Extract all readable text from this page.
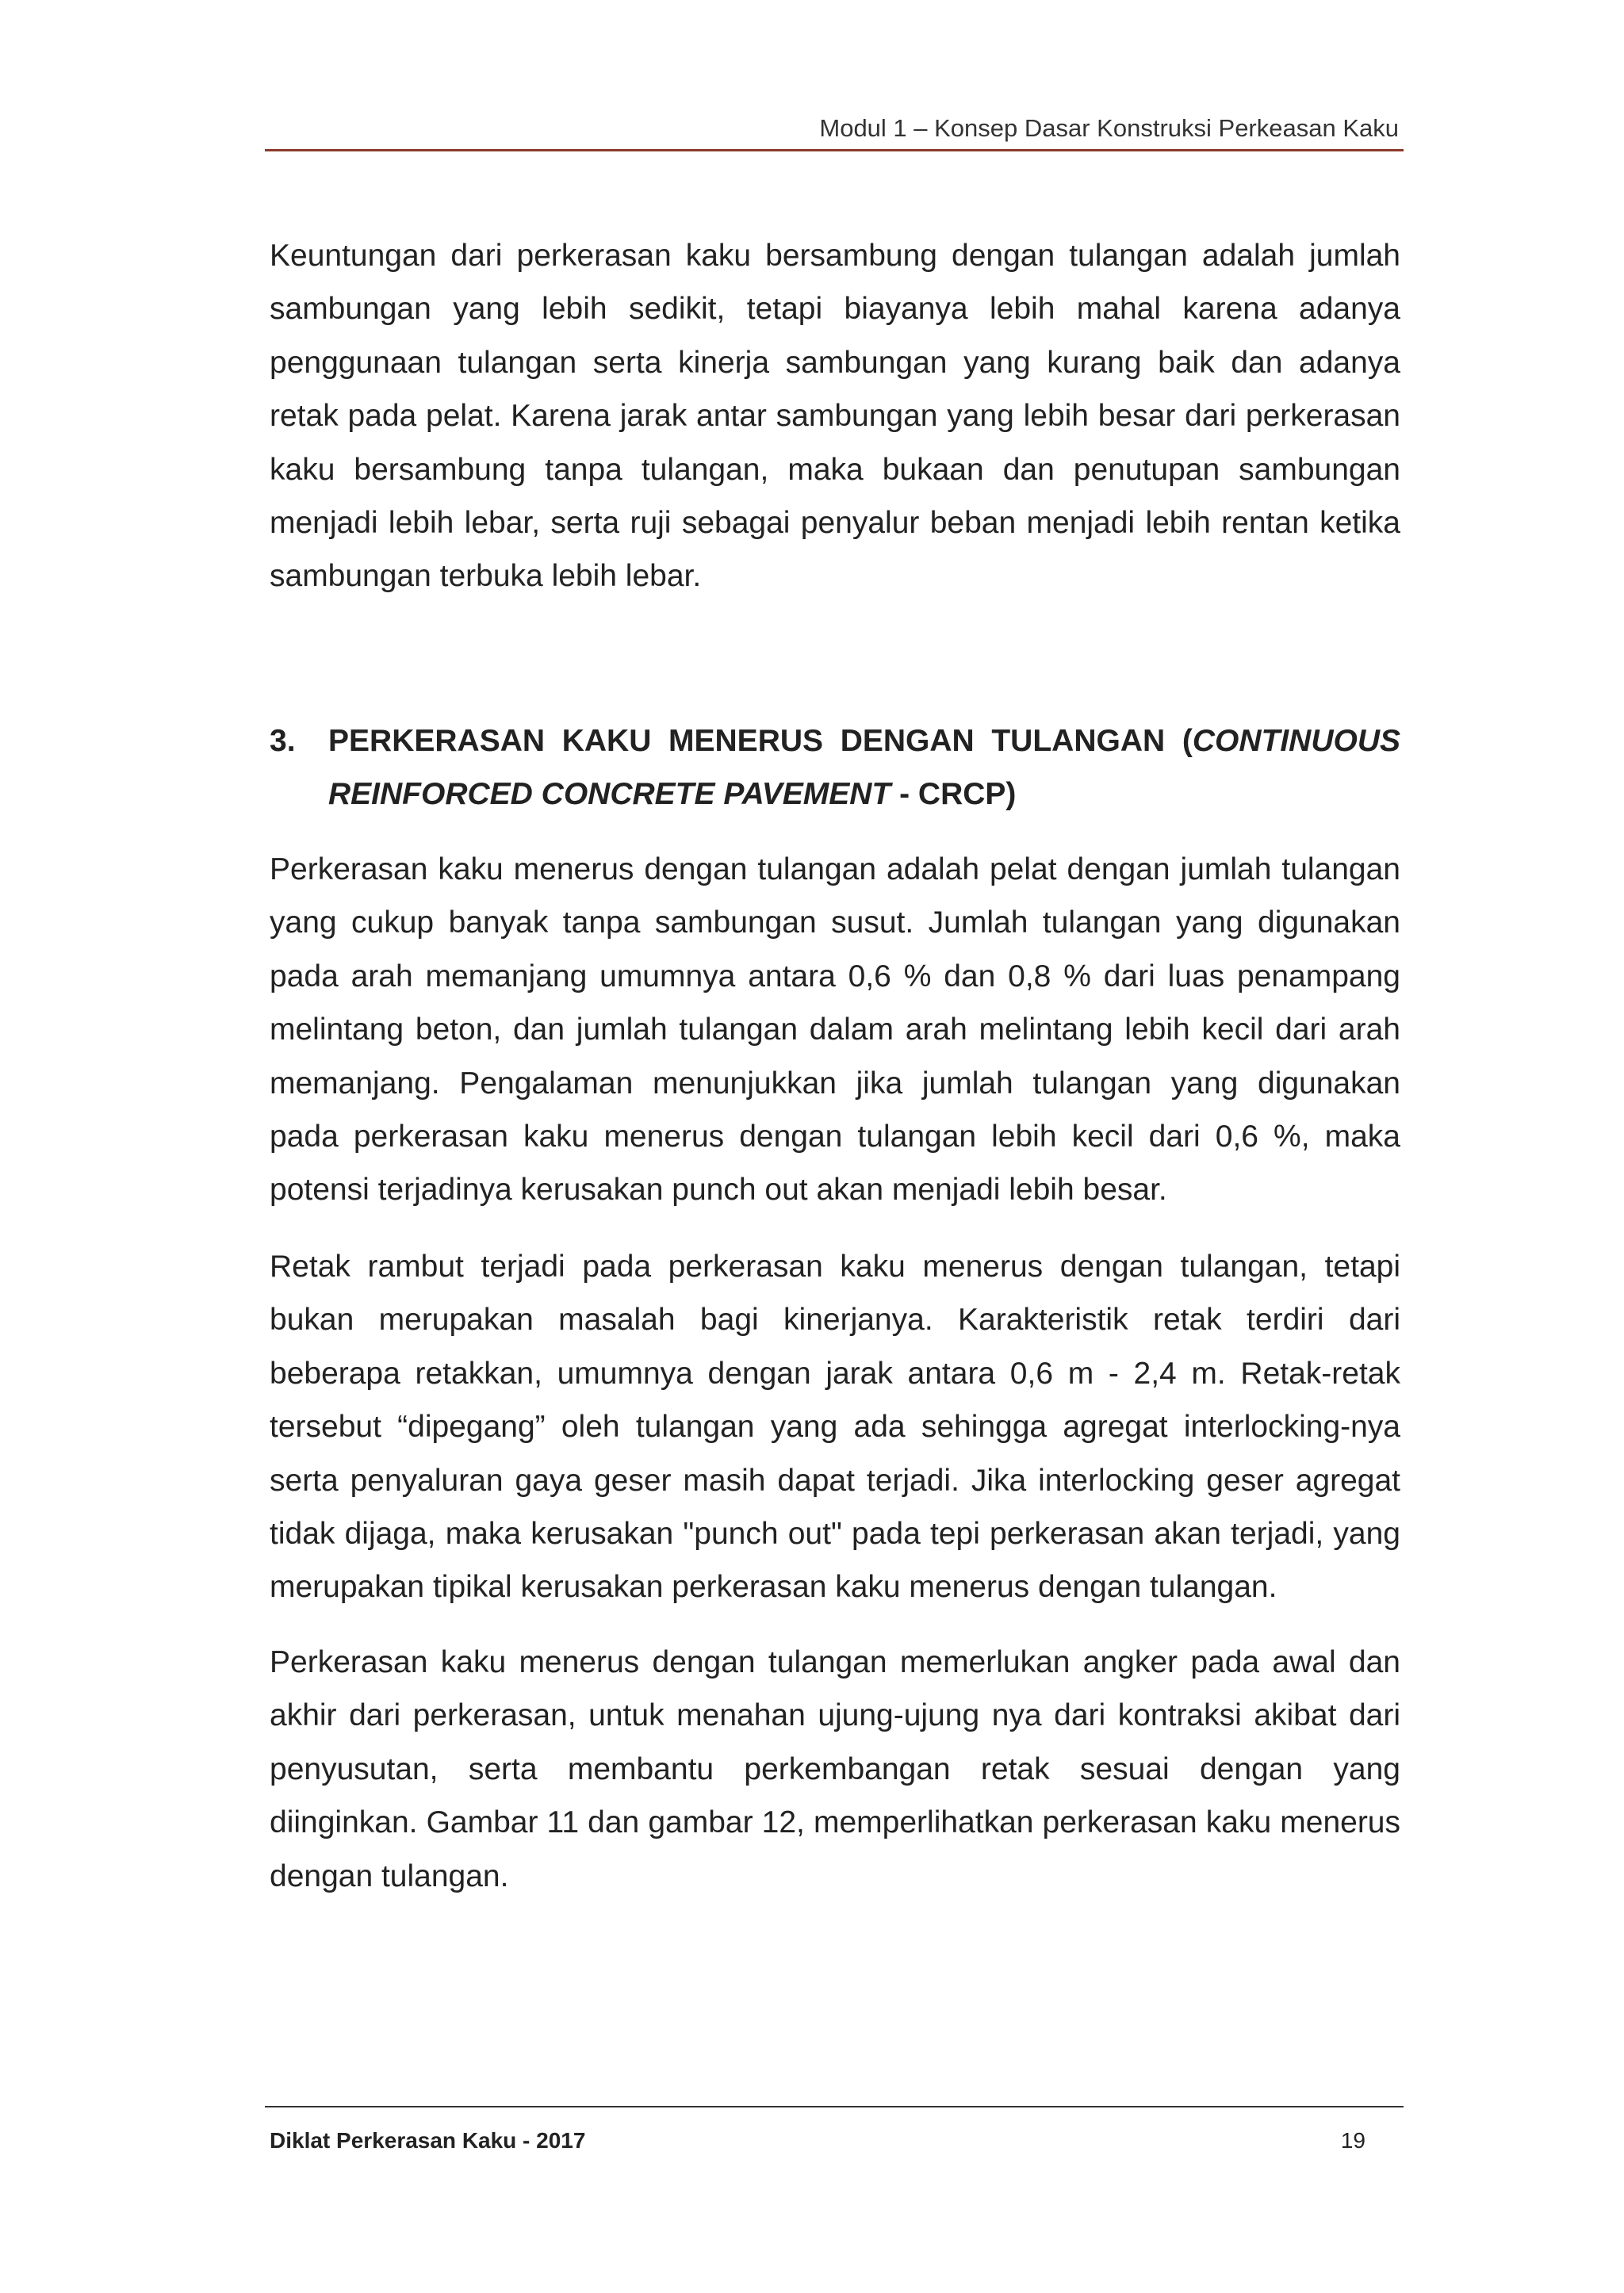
Modul 1 – Konsep Dasar Konstruksi Perkeasan Kaku

Keuntungan dari perkerasan kaku bersambung dengan tulangan adalah jumlah sambungan yang lebih sedikit, tetapi biayanya lebih mahal karena adanya penggunaan tulangan serta kinerja sambungan yang kurang baik dan adanya retak pada pelat. Karena jarak antar sambungan yang lebih besar dari perkerasan kaku bersambung tanpa tulangan, maka bukaan dan penutupan sambungan menjadi lebih lebar, serta ruji sebagai penyalur beban menjadi lebih rentan ketika sambungan terbuka lebih lebar.

3. PERKERASAN KAKU MENERUS DENGAN TULANGAN (CONTINUOUS REINFORCED CONCRETE PAVEMENT - CRCP)

Perkerasan kaku menerus dengan tulangan adalah pelat dengan jumlah tulangan yang cukup banyak tanpa sambungan susut. Jumlah tulangan yang digunakan pada arah memanjang umumnya antara 0,6 % dan 0,8 % dari luas penampang melintang beton, dan jumlah tulangan dalam arah melintang lebih kecil dari arah memanjang. Pengalaman menunjukkan jika jumlah tulangan yang digunakan pada perkerasan kaku menerus dengan tulangan lebih kecil dari 0,6 %, maka potensi terjadinya kerusakan punch out akan menjadi lebih besar.

Retak rambut terjadi pada perkerasan kaku menerus dengan tulangan, tetapi bukan merupakan masalah bagi kinerjanya. Karakteristik retak terdiri dari beberapa retakkan, umumnya dengan jarak antara 0,6 m - 2,4 m. Retak-retak tersebut “dipegang” oleh tulangan yang ada sehingga agregat interlocking-nya serta penyaluran gaya geser masih dapat terjadi. Jika interlocking geser agregat tidak dijaga, maka kerusakan "punch out" pada tepi perkerasan akan terjadi, yang merupakan tipikal kerusakan perkerasan kaku menerus dengan tulangan.

Perkerasan kaku menerus dengan tulangan memerlukan angker pada awal dan akhir dari perkerasan, untuk menahan ujung-ujung nya dari kontraksi akibat dari penyusutan, serta membantu perkembangan retak sesuai dengan yang diinginkan. Gambar 11 dan gambar 12, memperlihatkan perkerasan kaku menerus dengan tulangan.

Diklat Perkerasan Kaku - 2017	19
